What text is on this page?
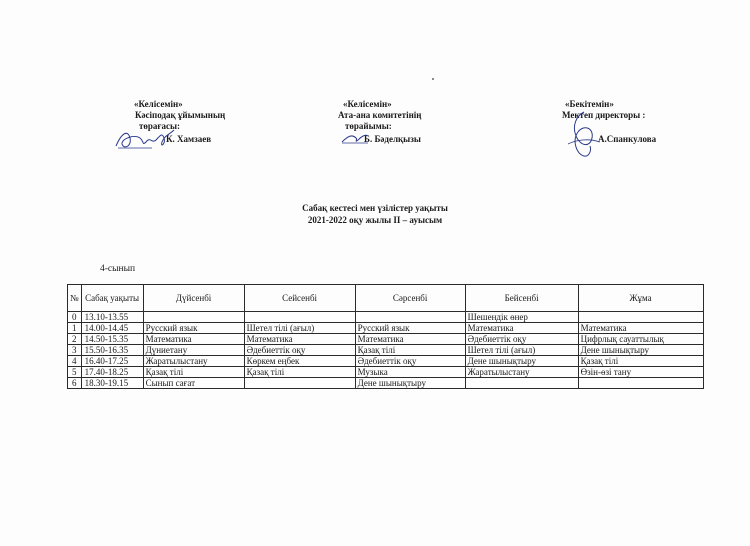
«Келісемін»
Кәсіподақ ұйымының
төрағасы:
К. Хамзаев
«Келісемін»
Ата-ана комитетінің
төрайымы:
Б. Бәделқызы
«Бекітемін»
Мектеп директоры :
А.Спанкулова
Сабақ кестесі мен үзілістер уақыты
2021-2022 оқу жылы ІІ – ауысым
4-сынып
№	Сабақ уақыты	Дүйсенбі	Сейсенбі	Сәрсенбі	Бейсенбі	Жұма
0	13.10-13.55				Шешендік өнер	
1	14.00-14.45	Русский язык	Шетел тілі (ағыл)	Русский язык	Математика	Математика
2	14.50-15.35	Математика	Математика	Математика	Әдебиеттік оқу	Цифрлық сауаттылық
3	15.50-16.35	Дүниетану	Әдебиеттік оқу	Қазақ тілі	Шетел тілі (ағыл)	Дене шынықтыру
4	16.40-17.25	Жаратылыстану	Көркем еңбек	Әдебиеттік оқу	Дене шынықтыру	Қазақ тілі
5	17.40-18.25	Қазақ тілі	Қазақ тілі	Музыка	Жаратылыстану	Өзін-өзі тану
6	18.30-19.15	Сынып сағат		Дене шынықтыру		
